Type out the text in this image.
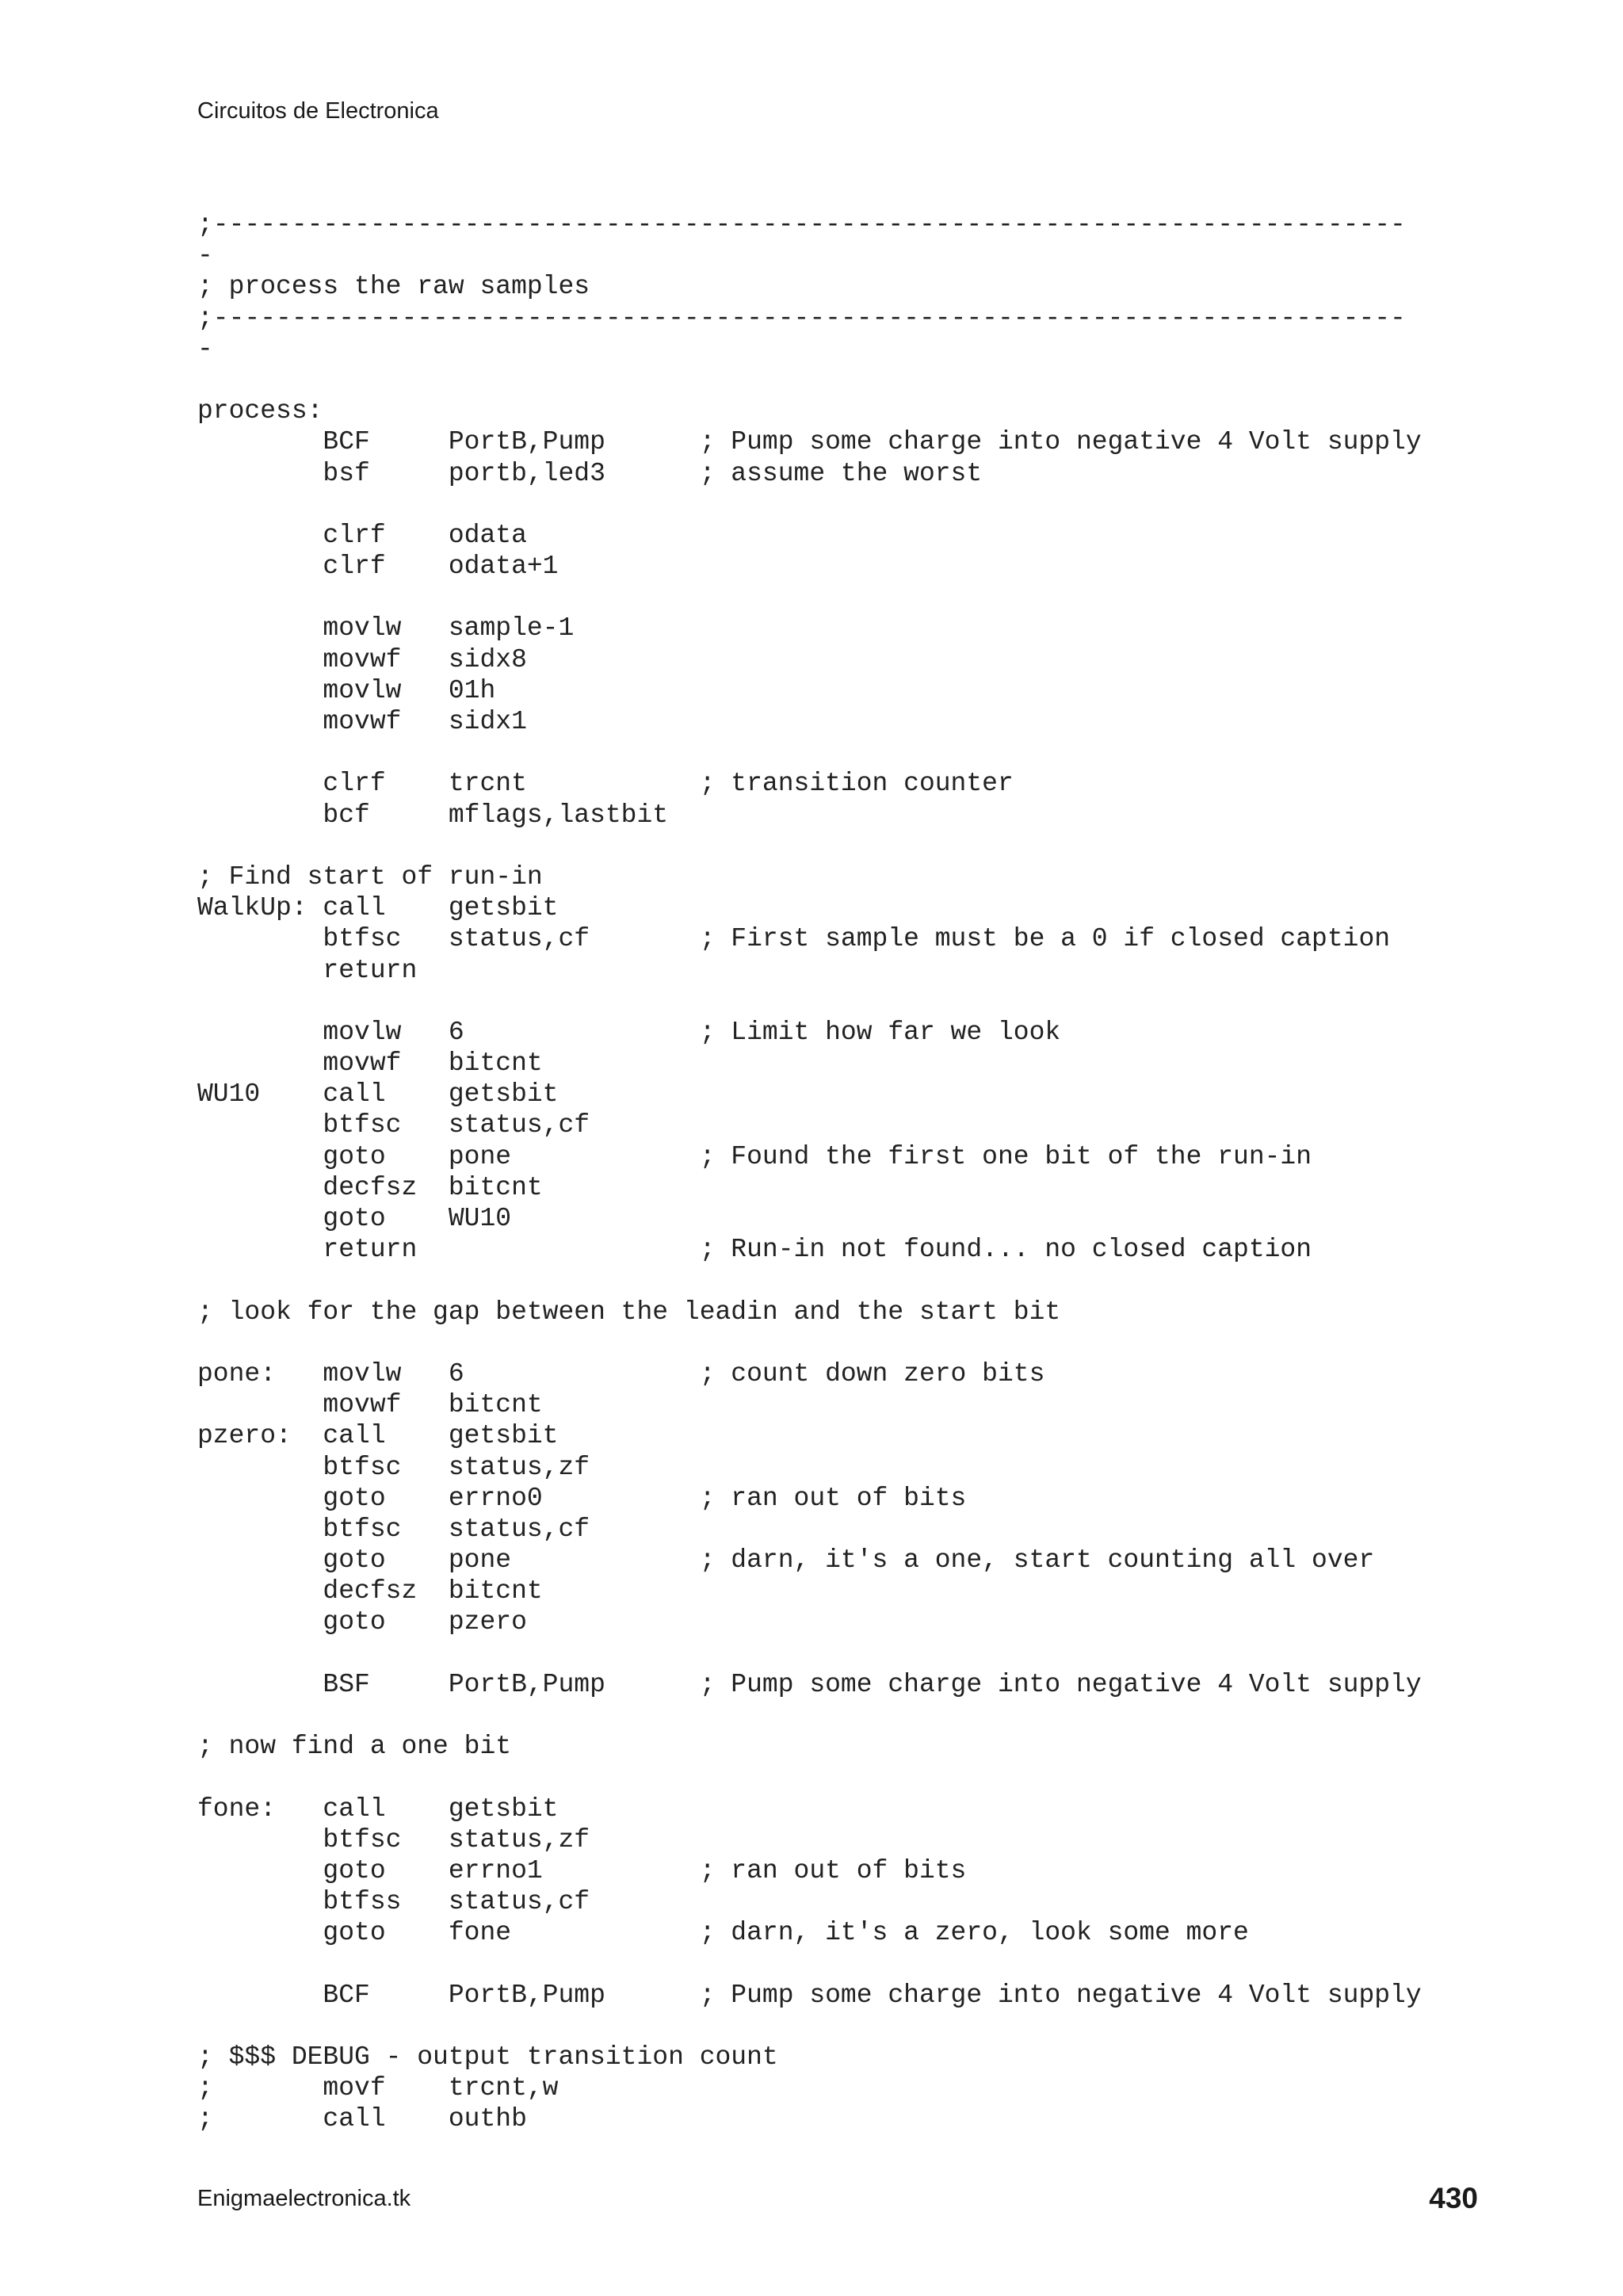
Circuitos de Electronica
;----------------------------------------------------------------------------
-
; process the raw samples
;----------------------------------------------------------------------------
-
process:
BCF     PortB,Pump      ; Pump some charge into negative 4 Volt supply
bsf     portb,led3      ; assume the worst
clrf    odata
clrf    odata+1
movlw   sample-1
movwf   sidx8
movlw   01h
movwf   sidx1
clrf    trcnt           ; transition counter
bcf     mflags,lastbit
; Find start of run-in
WalkUp: call    getsbit
btfsc   status,cf       ; First sample must be a 0 if closed caption
return
movlw   6               ; Limit how far we look
movwf   bitcnt
WU10    call    getsbit
btfsc   status,cf
goto    pone            ; Found the first one bit of the run-in
decfsz  bitcnt
goto    WU10
return                  ; Run-in not found... no closed caption
; look for the gap between the leadin and the start bit
pone:   movlw   6               ; count down zero bits
movwf   bitcnt
pzero:  call    getsbit
btfsc   status,zf
goto    errno0          ; ran out of bits
btfsc   status,cf
goto    pone            ; darn, it's a one, start counting all over
decfsz  bitcnt
goto    pzero
BSF     PortB,Pump      ; Pump some charge into negative 4 Volt supply
; now find a one bit
fone:   call    getsbit
btfsc   status,zf
goto    errno1          ; ran out of bits
btfss   status,cf
goto    fone            ; darn, it's a zero, look some more
BCF     PortB,Pump      ; Pump some charge into negative 4 Volt supply
; $$$ DEBUG - output transition count
;       movf    trcnt,w
;       call    outhb
Enigmaelectronica.tk	430
